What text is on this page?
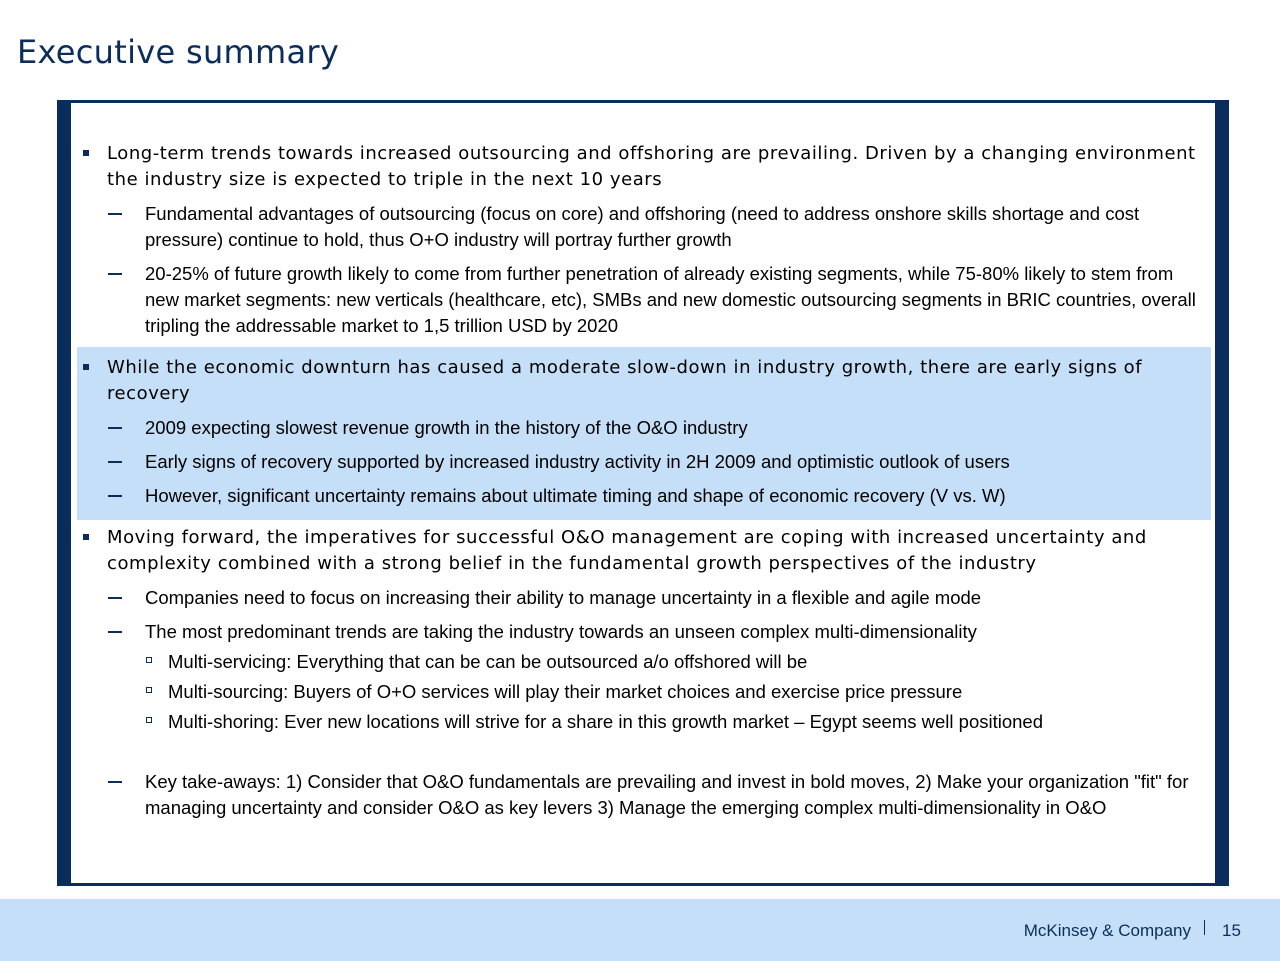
Executive summary

Long-term trends towards increased outsourcing and offshoring are prevailing. Driven by a changing environment the industry size is expected to triple in the next 10 years

Fundamental advantages of outsourcing (focus on core) and offshoring (need to address onshore skills shortage and cost pressure) continue to hold, thus O+O industry will portray further growth

20-25% of future growth likely to come from further penetration of already existing segments, while 75-80% likely to stem from new market segments: new verticals (healthcare, etc), SMBs and new domestic outsourcing segments in BRIC countries, overall tripling the addressable market to 1,5 trillion USD by 2020

While the economic downturn has caused a moderate slow-down in industry growth, there are early signs of recovery

2009 expecting slowest revenue growth in the history of the O&O industry

Early signs of recovery supported by increased industry activity in 2H 2009 and optimistic outlook of users

However, significant uncertainty remains about ultimate timing and shape of economic recovery (V vs. W)

Moving forward, the imperatives for successful O&O management are coping with increased uncertainty and complexity combined with a strong belief in the fundamental growth perspectives of the industry

Companies need to focus on increasing their ability to manage uncertainty in a flexible and agile mode

The most predominant trends are taking the industry towards an unseen complex multi-dimensionality

Multi-servicing: Everything that can be can be outsourced a/o offshored will be

Multi-sourcing: Buyers of O+O services will play their market choices and exercise price pressure

Multi-shoring: Ever new locations will strive for a share in this growth market – Egypt seems well positioned

Key take-aways: 1) Consider that O&O fundamentals are prevailing and invest in bold moves, 2) Make your organization "fit" for managing uncertainty and consider O&O as key levers 3) Manage the emerging complex multi-dimensionality in O&O

McKinsey & Company 15
